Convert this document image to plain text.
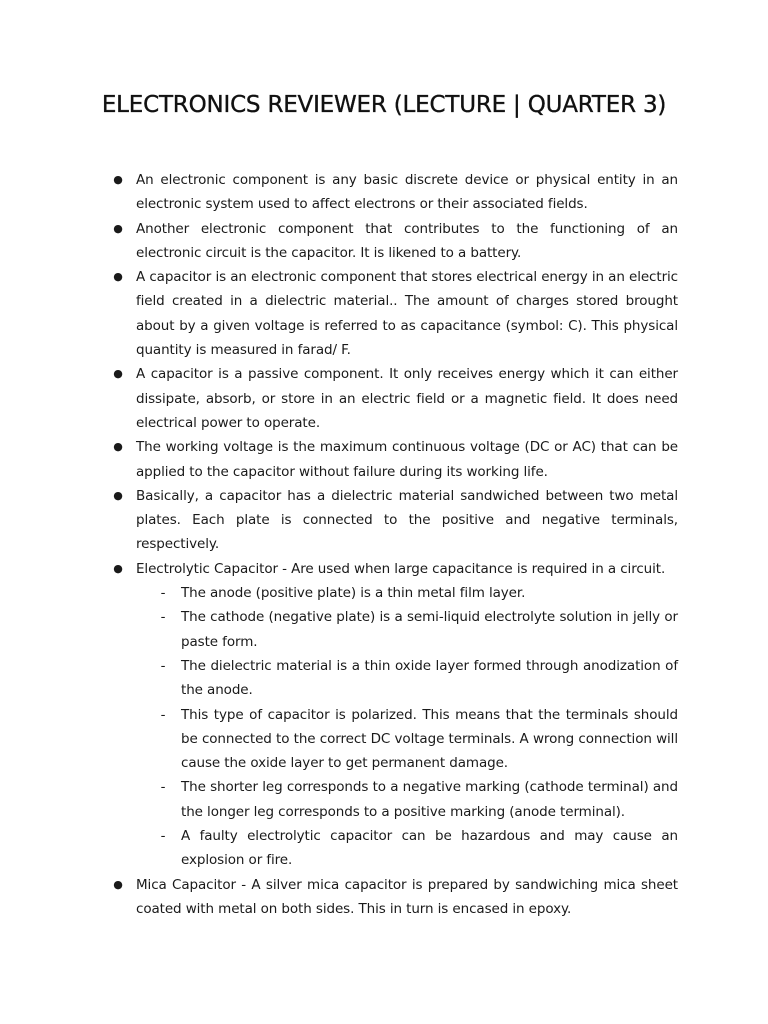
ELECTRONICS REVIEWER (LECTURE | QUARTER 3)
● An electronic component is any basic discrete device or physical entity in an electronic system used to affect electrons or their associated fields.
● Another electronic component that contributes to the functioning of an electronic circuit is the capacitor. It is likened to a battery.
● A capacitor is an electronic component that stores electrical energy in an electric field created in a dielectric material.. The amount of charges stored brought about by a given voltage is referred to as capacitance (symbol: C). This physical quantity is measured in farad/ F.
● A capacitor is a passive component. It only receives energy which it can either dissipate, absorb, or store in an electric field or a magnetic field. It does need electrical power to operate.
● The working voltage is the maximum continuous voltage (DC or AC) that can be applied to the capacitor without failure during its working life.
● Basically, a capacitor has a dielectric material sandwiched between two metal plates. Each plate is connected to the positive and negative terminals, respectively.
● Electrolytic Capacitor - Are used when large capacitance is required in a circuit.
- The anode (positive plate) is a thin metal film layer.
- The cathode (negative plate) is a semi-liquid electrolyte solution in jelly or paste form.
- The dielectric material is a thin oxide layer formed through anodization of the anode.
- This type of capacitor is polarized. This means that the terminals should be connected to the correct DC voltage terminals. A wrong connection will cause the oxide layer to get permanent damage.
- The shorter leg corresponds to a negative marking (cathode terminal) and the longer leg corresponds to a positive marking (anode terminal).
- A faulty electrolytic capacitor can be hazardous and may cause an explosion or fire.
● Mica Capacitor - A silver mica capacitor is prepared by sandwiching mica sheet coated with metal on both sides. This in turn is encased in epoxy.
